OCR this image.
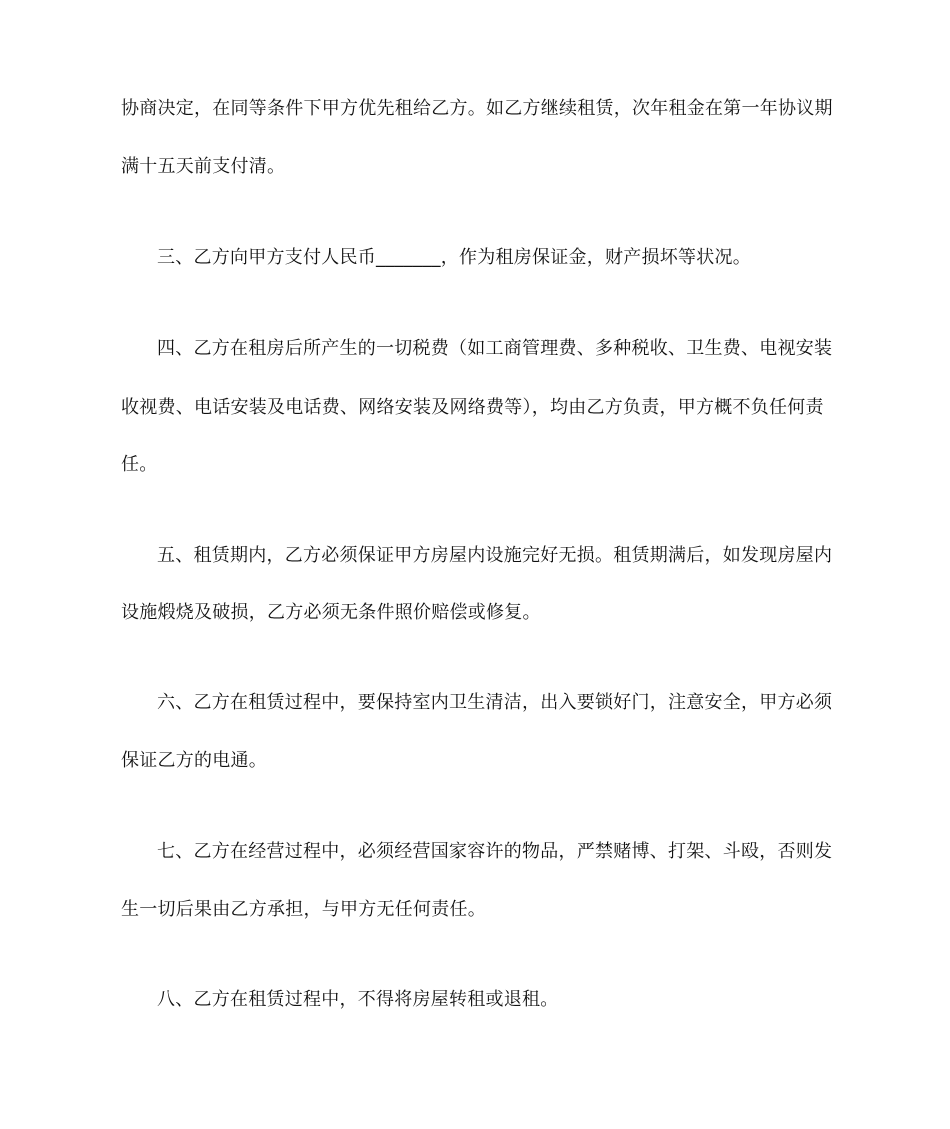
协商决定，在同等条件下甲方优先租给乙方。如乙方继续租赁，次年租金在第一年协议期
满十五天前支付清。
三、乙方向甲方支付人民币_______，作为租房保证金，财产损坏等状况。
四、乙方在租房后所产生的一切税费（如工商管理费、多种税收、卫生费、电视安装
收视费、电话安装及电话费、网络安装及网络费等），均由乙方负责，甲方概不负任何责
任。
五、租赁期内，乙方必须保证甲方房屋内设施完好无损。租赁期满后，如发现房屋内
设施煅烧及破损，乙方必须无条件照价赔偿或修复。
六、乙方在租赁过程中，要保持室内卫生清洁，出入要锁好门，注意安全，甲方必须
保证乙方的电通。
七、乙方在经营过程中，必须经营国家容许的物品，严禁赌博、打架、斗殴，否则发
生一切后果由乙方承担，与甲方无任何责任。
八、乙方在租赁过程中，不得将房屋转租或退租。
